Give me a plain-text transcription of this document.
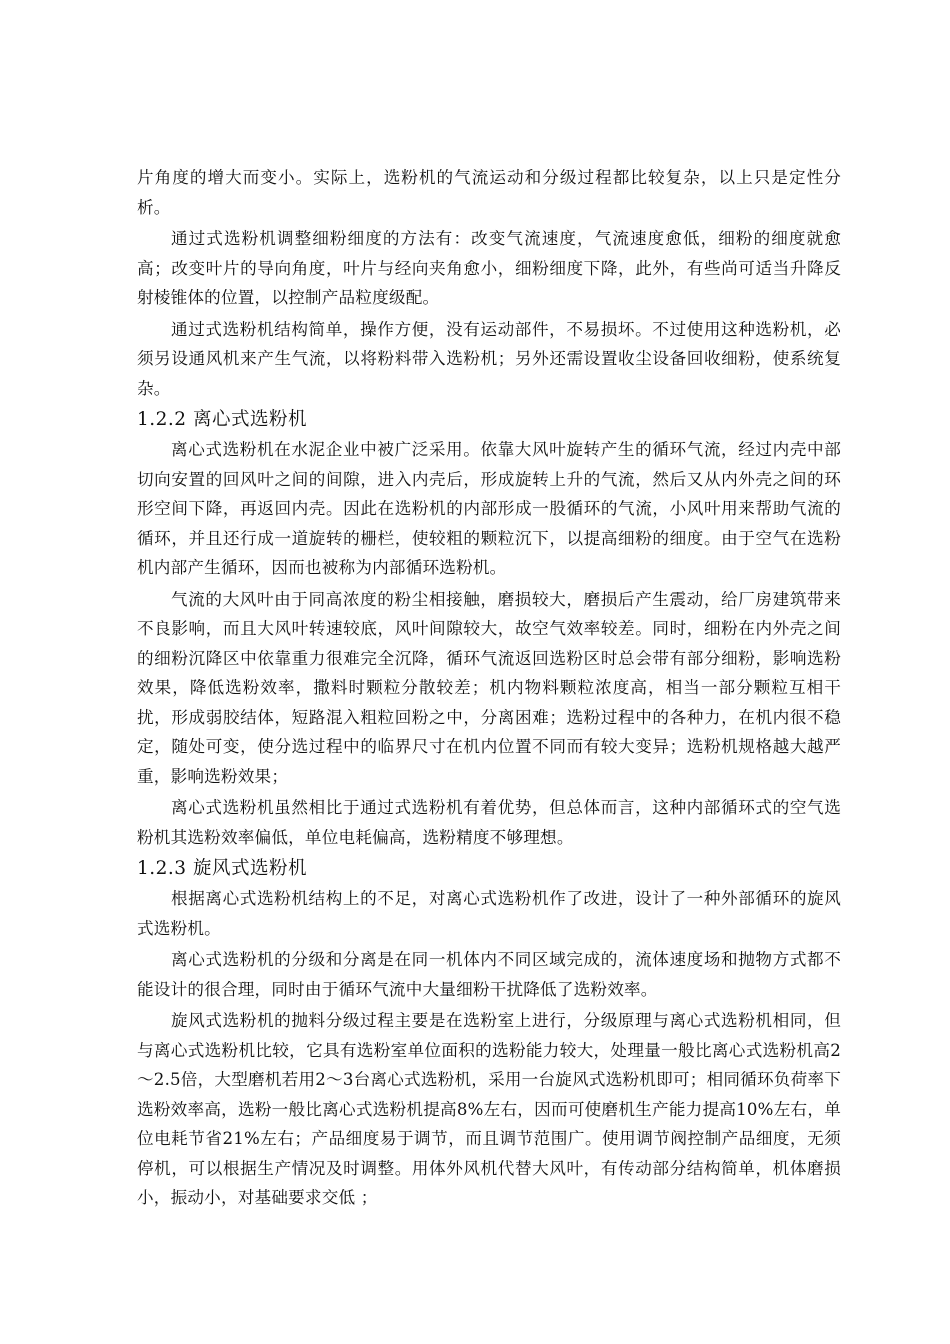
片角度的增大而变小。实际上，选粉机的气流运动和分级过程都比较复杂，以上只是定性分析。

通过式选粉机调整细粉细度的方法有：改变气流速度，气流速度愈低，细粉的细度就愈高；改变叶片的导向角度，叶片与经向夹角愈小，细粉细度下降，此外，有些尚可适当升降反射棱锥体的位置，以控制产品粒度级配。

通过式选粉机结构简单，操作方便，没有运动部件，不易损坏。不过使用这种选粉机，必须另设通风机来产生气流，以将粉料带入选粉机；另外还需设置收尘设备回收细粉，使系统复杂。

1.2.2 离心式选粉机

离心式选粉机在水泥企业中被广泛采用。依靠大风叶旋转产生的循环气流，经过内壳中部切向安置的回风叶之间的间隙，进入内壳后，形成旋转上升的气流，然后又从内外壳之间的环形空间下降，再返回内壳。因此在选粉机的内部形成一股循环的气流，小风叶用来帮助气流的循环，并且还行成一道旋转的栅栏，使较粗的颗粒沉下，以提高细粉的细度。由于空气在选粉机内部产生循环，因而也被称为内部循环选粉机。

气流的大风叶由于同高浓度的粉尘相接触，磨损较大，磨损后产生震动，给厂房建筑带来不良影响，而且大风叶转速较底，风叶间隙较大，故空气效率较差。同时，细粉在内外壳之间的细粉沉降区中依靠重力很难完全沉降，循环气流返回选粉区时总会带有部分细粉，影响选粉效果，降低选粉效率，撒料时颗粒分散较差；机内物料颗粒浓度高，相当一部分颗粒互相干扰，形成弱胶结体，短路混入粗粒回粉之中，分离困难；选粉过程中的各种力，在机内很不稳定，随处可变，使分选过程中的临界尺寸在机内位置不同而有较大变异；选粉机规格越大越严重，影响选粉效果；

离心式选粉机虽然相比于通过式选粉机有着优势，但总体而言，这种内部循环式的空气选粉机其选粉效率偏低，单位电耗偏高，选粉精度不够理想。

1.2.3 旋风式选粉机

根据离心式选粉机结构上的不足，对离心式选粉机作了改进，设计了一种外部循环的旋风式选粉机。

离心式选粉机的分级和分离是在同一机体内不同区域完成的，流体速度场和抛物方式都不能设计的很合理，同时由于循环气流中大量细粉干扰降低了选粉效率。

旋风式选粉机的抛料分级过程主要是在选粉室上进行，分级原理与离心式选粉机相同，但与离心式选粉机比较，它具有选粉室单位面积的选粉能力较大，处理量一般比离心式选粉机高2～2.5倍，大型磨机若用2～3台离心式选粉机，采用一台旋风式选粉机即可；相同循环负荷率下选粉效率高，选粉一般比离心式选粉机提高8%左右，因而可使磨机生产能力提高10%左右，单位电耗节省21%左右；产品细度易于调节，而且调节范围广。使用调节阀控制产品细度，无须停机，可以根据生产情况及时调整。用体外风机代替大风叶，有传动部分结构简单，机体磨损小，振动小，对基础要求交低 ；
